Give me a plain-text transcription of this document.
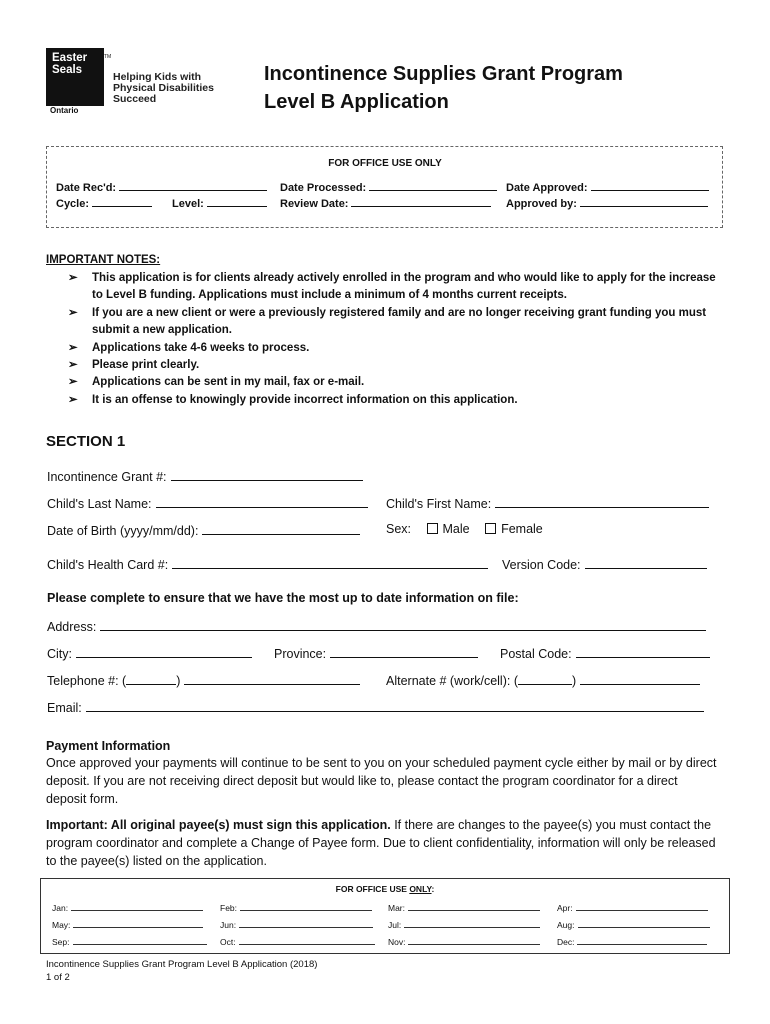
Easter
Seals
TM
Ontario
Helping Kids with
Physical Disabilities
Succeed
Incontinence Supplies Grant Program
Level B Application
FOR OFFICE USE ONLY
Date Rec'd:	Date Processed:	Date Approved:
Cycle:	Level:	Review Date:	Approved by:
IMPORTANT NOTES:
➢ This application is for clients already actively enrolled in the program and who would like to apply for the increase to Level B funding. Applications must include a minimum of 4 months current receipts.
➢ If you are a new client or were a previously registered family and are no longer receiving grant funding you must submit a new application.
➢ Applications take 4-6 weeks to process.
➢ Please print clearly.
➢ Applications can be sent in my mail, fax or e-mail.
➢ It is an offense to knowingly provide incorrect information on this application.
SECTION 1
Incontinence Grant #:
Child's Last Name:	Child's First Name:
Date of Birth (yyyy/mm/dd):	Sex:	Male	Female
Child's Health Card #:	Version Code:
Please complete to ensure that we have the most up to date information on file:
Address:
City:	Province:	Postal Code:
Telephone #: (	)	Alternate # (work/cell): (	)
Email:
Payment Information
Once approved your payments will continue to be sent to you on your scheduled payment cycle either by mail or by direct deposit. If you are not receiving direct deposit but would like to, please contact the program coordinator for a direct deposit form.
Important: All original payee(s) must sign this application. If there are changes to the payee(s) you must contact the program coordinator and complete a Change of Payee form. Due to client confidentiality, information will only be released to the payee(s) listed on the application.
FOR OFFICE USE ONLY:
Jan:	Feb:	Mar:	Apr:
May:	Jun:	Jul:	Aug:
Sep:	Oct:	Nov:	Dec:
Incontinence Supplies Grant Program Level B Application (2018)
1 of 2
